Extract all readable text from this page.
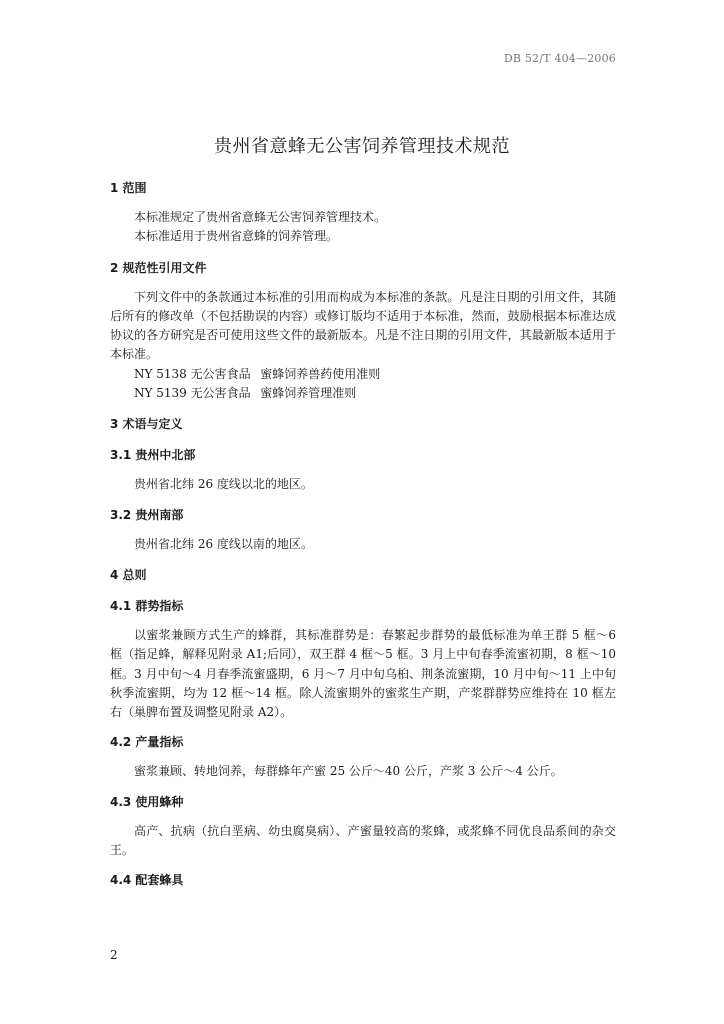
DB 52/T 404—2006
贵州省意蜂无公害饲养管理技术规范
1 范围

本标准规定了贵州省意蜂无公害饲养管理技术。

本标准适用于贵州省意蜂的饲养管理。

2 规范性引用文件

下列文件中的条款通过本标准的引用而构成为本标准的条款。凡是注日期的引用文件，其随后所有的修改单（不包括勘误的内容）或修订版均不适用于本标准，然而，鼓励根据本标准达成协议的各方研究是否可使用这些文件的最新版本。凡是不注日期的引用文件，其最新版本适用于本标准。

NY 5138 无公害食品 蜜蜂饲养兽药使用准则

NY 5139 无公害食品 蜜蜂饲养管理准则

3 术语与定义
3.1 贵州中北部

贵州省北纬 26 度线以北的地区。

3.2 贵州南部

贵州省北纬 26 度线以南的地区。

4 总则
4.1 群势指标

以蜜浆兼顾方式生产的蜂群，其标准群势是：春繁起步群势的最低标准为单王群 5 框～6 框（指足蜂，解释见附录 A1;后同），双王群 4 框～5 框。3 月上中旬春季流蜜初期，8 框～10 框。3 月中旬～4 月春季流蜜盛期，6 月～7 月中旬乌桕、荆条流蜜期，10 月中旬～11 上中旬秋季流蜜期，均为 12 框～14 框。除人流蜜期外的蜜浆生产期，产浆群群势应维持在 10 框左右（巢脾布置及调整见附录 A2）。

4.2 产量指标

蜜浆兼顾、转地饲养，每群蜂年产蜜 25 公斤～40 公斤，产浆 3 公斤～4 公斤。

4.3 使用蜂种

高产、抗病（抗白垩病、幼虫腐臭病）、产蜜量较高的浆蜂，或浆蜂不同优良品系间的杂交王。

4.4 配套蜂具
2
